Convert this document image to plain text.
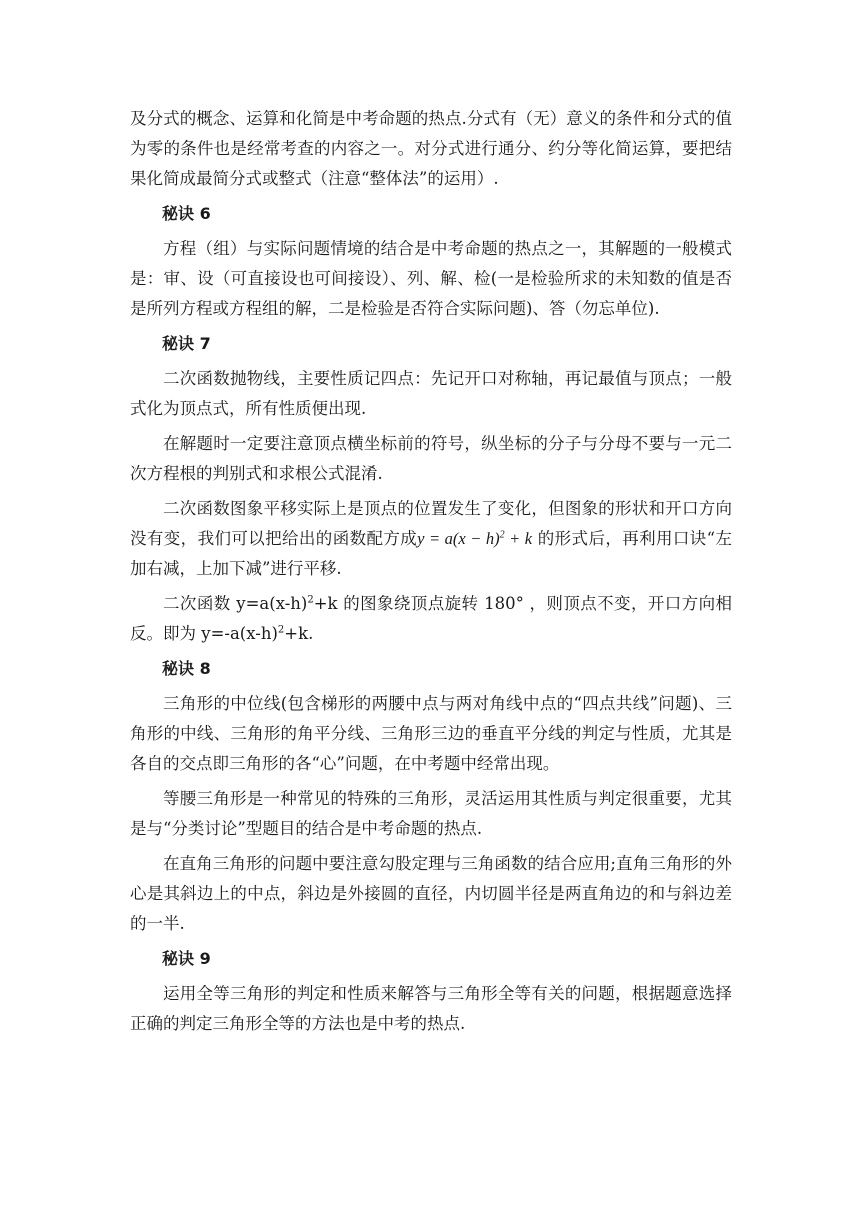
及分式的概念、运算和化简是中考命题的热点.分式有（无）意义的条件和分式的值为零的条件也是经常考查的内容之一。对分式进行通分、约分等化简运算，要把结果化简成最简分式或整式（注意“整体法”的运用）.

秘诀 6

方程（组）与实际问题情境的结合是中考命题的热点之一，其解题的一般模式是：审、设（可直接设也可间接设）、列、解、检(一是检验所求的未知数的值是否是所列方程或方程组的解，二是检验是否符合实际问题)、答（勿忘单位).

秘诀 7

二次函数抛物线，主要性质记四点：先记开口对称轴，再记最值与顶点；一般式化为顶点式，所有性质便出现.

在解题时一定要注意顶点横坐标前的符号，纵坐标的分子与分母不要与一元二次方程根的判别式和求根公式混淆.

二次函数图象平移实际上是顶点的位置发生了变化，但图象的形状和开口方向没有变，我们可以把给出的函数配方成$y = a(x - h)^2 + k$ 的形式后，再利用口诀“左加右减，上加下减”进行平移.

二次函数 $y=a(x-h)^2+k$ 的图象绕顶点旋转 180° ，则顶点不变，开口方向相反。即为 $y=-a(x-h)^2+k$.

秘诀 8

三角形的中位线(包含梯形的两腰中点与两对角线中点的“四点共线”问题)、三角形的中线、三角形的角平分线、三角形三边的垂直平分线的判定与性质，尤其是各自的交点即三角形的各“心”问题，在中考题中经常出现。

等腰三角形是一种常见的特殊的三角形，灵活运用其性质与判定很重要，尤其是与“分类讨论”型题目的结合是中考命题的热点.

在直角三角形的问题中要注意勾股定理与三角函数的结合应用;直角三角形的外心是其斜边上的中点，斜边是外接圆的直径，内切圆半径是两直角边的和与斜边差的一半.

秘诀 9

运用全等三角形的判定和性质来解答与三角形全等有关的问题，根据题意选择正确的判定三角形全等的方法也是中考的热点.
